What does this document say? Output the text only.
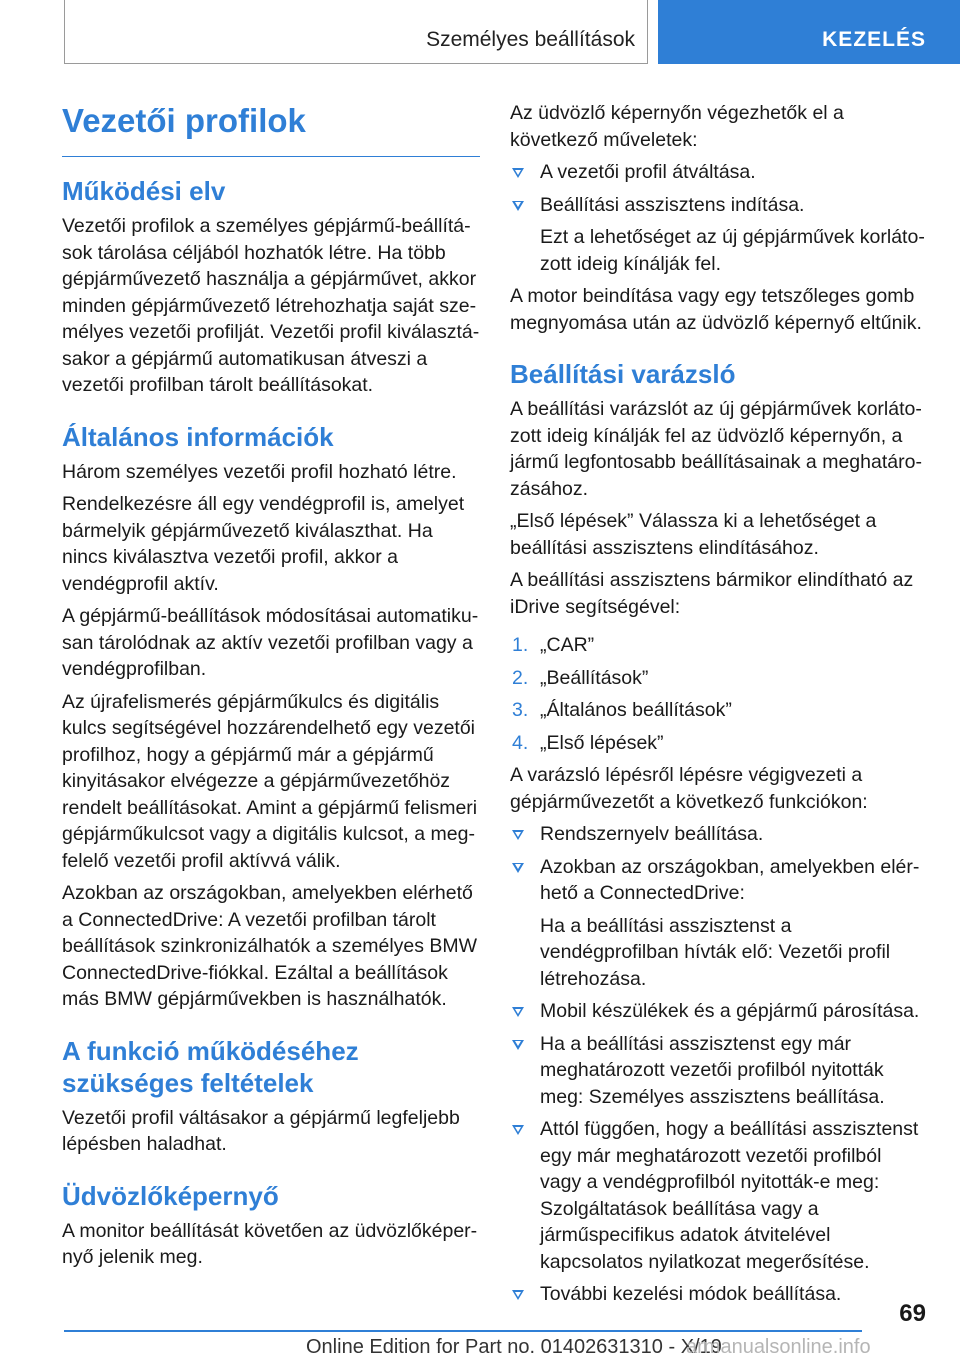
Személyes beállítások	KEZELÉS
Vezetői profilok
Működési elv

Vezetői profilok a személyes gépjármű-beállítások tárolása céljából hozhatók létre. Ha több gépjárművezető használja a gépjárművet, akkor minden gépjárművezető létrehozhatja saját személyes vezetői profilját. Vezetői profil kiválasztásakor a gépjármű automatikusan átveszi a vezetői profilban tárolt beállításokat.

Általános információk

Három személyes vezetői profil hozható létre.

Rendelkezésre áll egy vendégprofil is, amelyet bármelyik gépjárművezető kiválaszthat. Ha nincs kiválasztva vezetői profil, akkor a vendégprofil aktív.

A gépjármű-beállítások módosításai automatikusan tárolódnak az aktív vezetői profilban vagy a vendégprofilban.

Az újrafelismerés gépjárműkulcs és digitális kulcs segítségével hozzárendelhető egy vezetői profilhoz, hogy a gépjármű már a gépjármű kinyitásakor elvégezze a gépjárművezetőhöz rendelt beállításokat. Amint a gépjármű felismeri gépjárműkulcsot vagy a digitális kulcsot, a megfelelő vezetői profil aktívvá válik.

Azokban az országokban, amelyekben elérhető a ConnectedDrive: A vezetői profilban tárolt beállítások szinkronizálhatók a személyes BMW ConnectedDrive-fiókkal. Ezáltal a beállítások más BMW gépjárművekben is használhatók.

A funkció működéséhez szükséges feltételek

Vezetői profil váltásakor a gépjármű legfeljebb lépésben haladhat.

Üdvözlőképernyő

A monitor beállítását követően az üdvözlőképernyő jelenik meg.

Az üdvözlő képernyőn végezhetők el a következő műveletek:

A vezetői profil átváltása.
Beállítási asszisztens indítása.

Ezt a lehetőséget az új gépjárművek korlátozott ideig kínálják fel.

A motor beindítása vagy egy tetszőleges gomb megnyomása után az üdvözlő képernyő eltűnik.

Beállítási varázsló

A beállítási varázslót az új gépjárművek korlátozott ideig kínálják fel az üdvözlő képernyőn, a jármű legfontosabb beállításainak a meghatározásához.

„Első lépések” Válassza ki a lehetőséget a beállítási asszisztens elindításához.

A beállítási asszisztens bármikor elindítható az iDrive segítségével:

1. „CAR”
2. „Beállítások”
3. „Általános beállítások”
4. „Első lépések”

A varázsló lépésről lépésre végigvezeti a gépjárművezetőt a következő funkciókon:

Rendszernyelv beállítása.
Azokban az országokban, amelyekben elérhető a ConnectedDrive:

Ha a beállítási asszisztenst a vendégprofilban hívták elő: Vezetői profil létrehozása.

Mobil készülékek és a gépjármű párosítása.
Ha a beállítási asszisztenst egy már meghatározott vezetői profilból nyitották meg: Személyes asszisztens beállítása.
Attól függően, hogy a beállítási asszisztenst egy már meghatározott vezetői profilból vagy a vendégprofilból nyitották-e meg: Szolgáltatások beállítása vagy a járműspecifikus adatok átvitelével kapcsolatos nyilatkozat megerősítése.
További kezelési módok beállítása.
69
Online Edition for Part no. 01402631310 - X/19
armanualsonline.info
